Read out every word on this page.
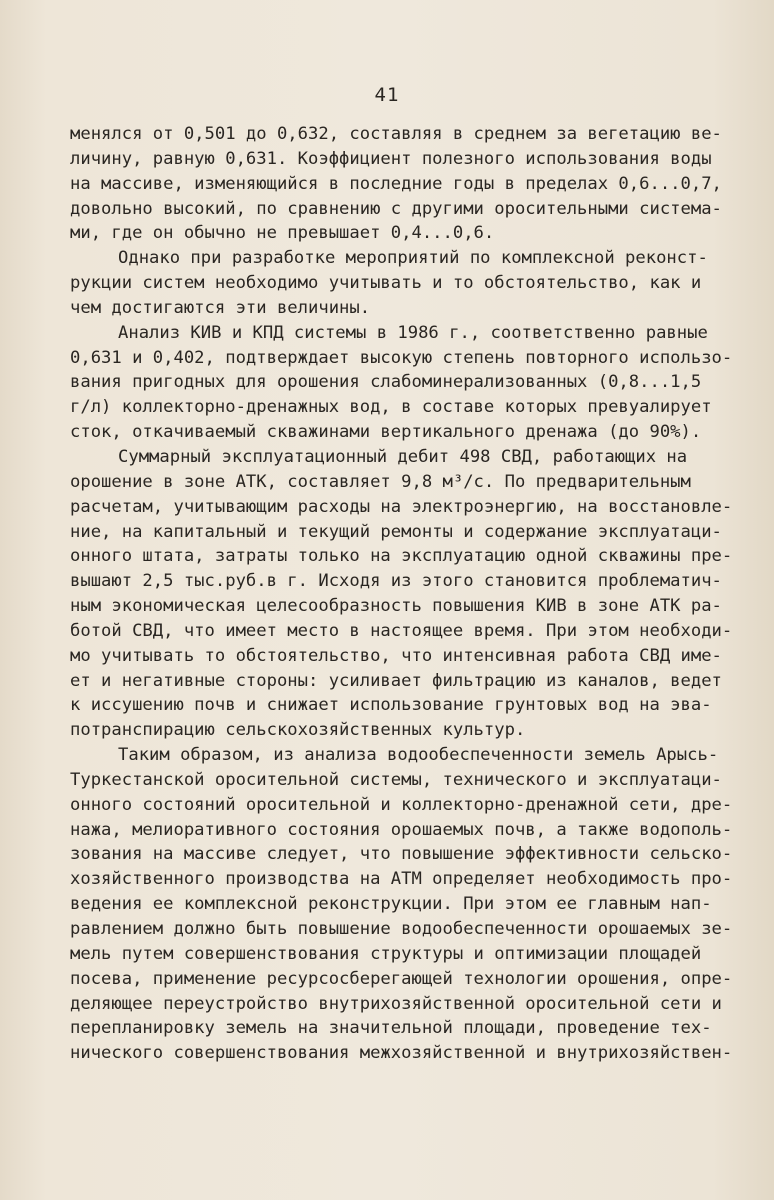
41
менялся от 0,501 до 0,632, составляя в среднем за вегетацию ве-
личину, равную 0,631. Коэффициент полезного использования воды
на массиве, изменяющийся в последние годы в пределах 0,6...0,7,
довольно высокий, по сравнению с другими оросительными система-
ми, где он обычно не превышает 0,4...0,6.
Однако при разработке мероприятий по комплексной реконст-
рукции систем необходимо учитывать и то обстоятельство, как и
чем достигаются эти величины.
Анализ КИВ и КПД системы в 1986 г., соответственно равные
0,631 и 0,402, подтверждает высокую степень повторного использо-
вания пригодных для орошения слабоминерализованных (0,8...1,5
г/л) коллекторно-дренажных вод, в составе которых превуалирует
сток, откачиваемый скважинами вертикального дренажа (до 90%).
Суммарный эксплуатационный дебит 498 СВД, работающих на
орошение в зоне АТК, составляет 9,8 м³/с. По предварительным
расчетам, учитывающим расходы на электроэнергию, на восстановле-
ние, на капитальный и текущий ремонты и содержание эксплуатаци-
онного штата, затраты только на эксплуатацию одной скважины пре-
вышают 2,5 тыс.руб.в г. Исходя из этого становится проблематич-
ным экономическая целесообразность повышения КИВ в зоне АТК ра-
ботой СВД, что имеет место в настоящее время. При этом необходи-
мо учитывать то обстоятельство, что интенсивная работа СВД име-
ет и негативные стороны: усиливает фильтрацию из каналов, ведет
к иссушению почв и снижает использование грунтовых вод на эва-
потранспирацию сельскохозяйственных культур.
Таким образом, из анализа водообеспеченности земель Арысь-
Туркестанской оросительной системы, технического и эксплуатаци-
онного состояний оросительной и коллекторно-дренажной сети, дре-
нажа, мелиоративного состояния орошаемых почв, а также водополь-
зования на массиве следует, что повышение эффективности сельско-
хозяйственного производства на АТМ определяет необходимость про-
ведения ее комплексной реконструкции. При этом ее главным нап-
равлением должно быть повышение водообеспеченности орошаемых зе-
мель путем совершенствования структуры и оптимизации площадей
посева, применение ресурсосберегающей технологии орошения, опре-
деляющее переустройство внутрихозяйственной оросительной сети и
перепланировку земель на значительной площади, проведение тех-
нического совершенствования межхозяйственной и внутрихозяйствен-
